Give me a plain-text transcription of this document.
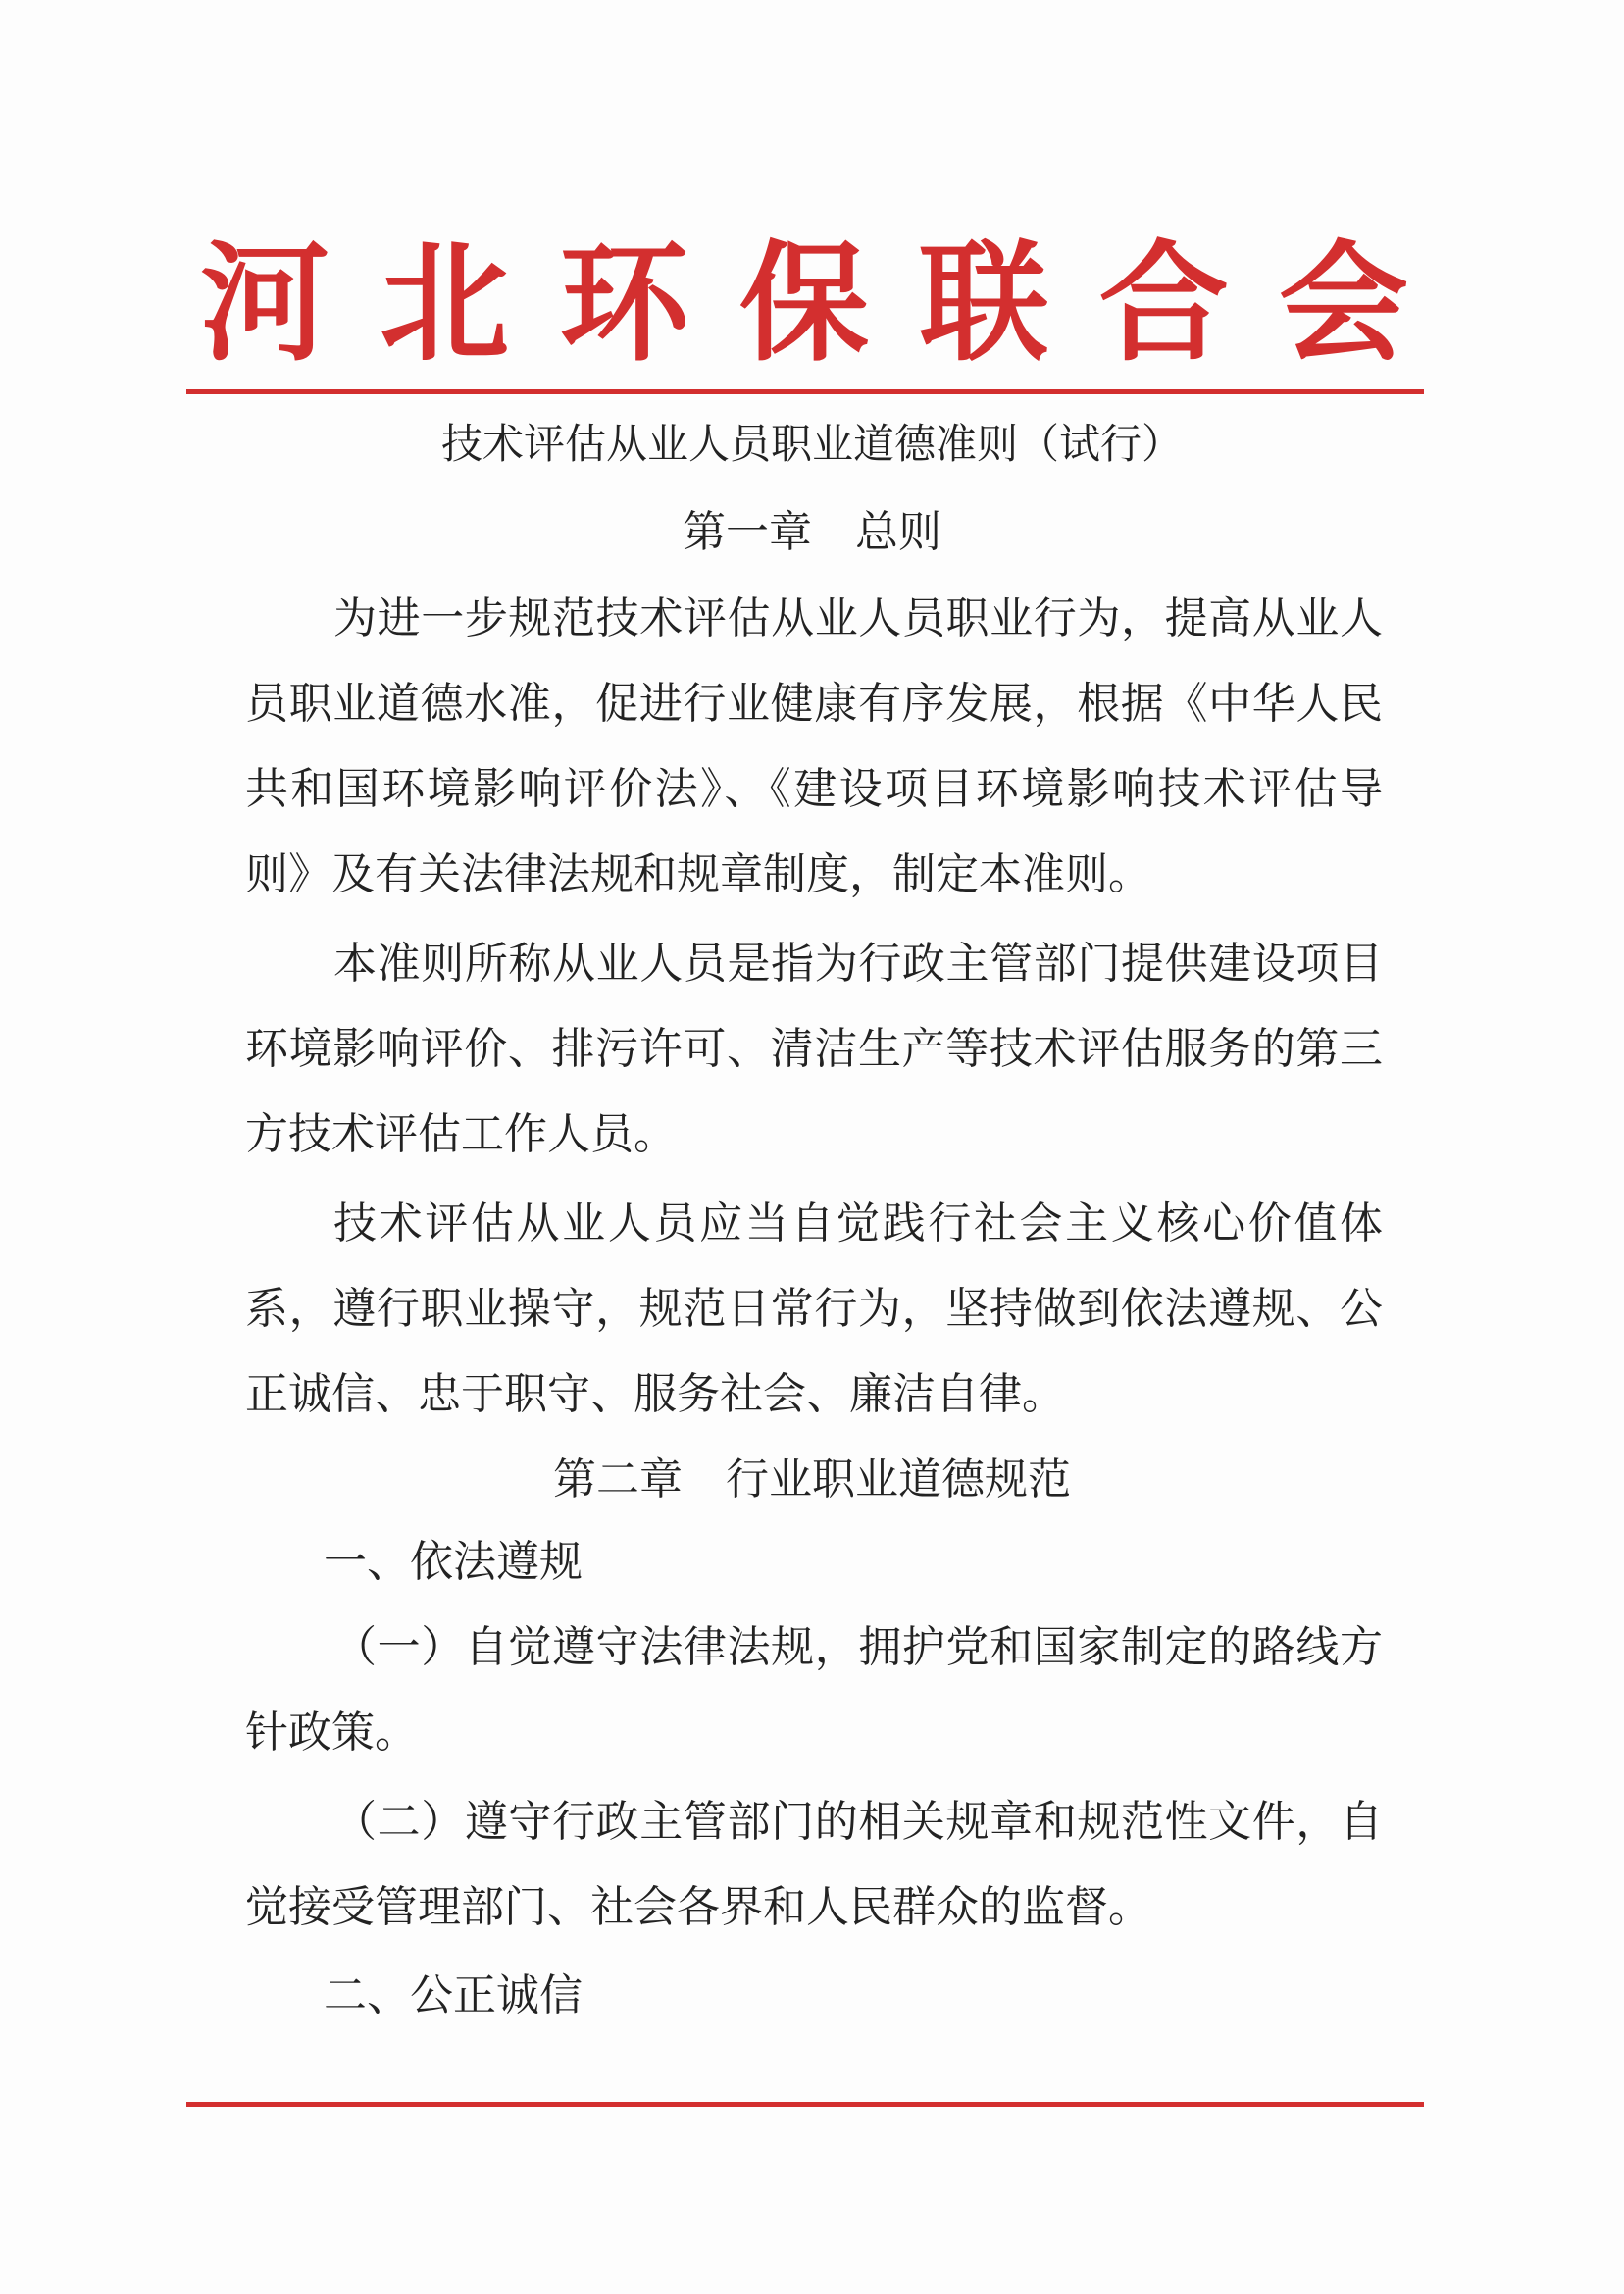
河 北 环 保 联 合 会
技术评估从业人员职业道德准则（试行）
第一章　总则
为进一步规范技术评估从业人员职业行为，提高从业人
员职业道德水准，促进行业健康有序发展，根据《中华人民
共和国环境影响评价法》、《建设项目环境影响技术评估导
则》及有关法律法规和规章制度，制定本准则。
本准则所称从业人员是指为行政主管部门提供建设项目
环境影响评价、排污许可、清洁生产等技术评估服务的第三
方技术评估工作人员。
技术评估从业人员应当自觉践行社会主义核心价值体
系，遵行职业操守，规范日常行为，坚持做到依法遵规、公
正诚信、忠于职守、服务社会、廉洁自律。
第二章　行业职业道德规范
一、依法遵规
（一）自觉遵守法律法规，拥护党和国家制定的路线方
针政策。
（二）遵守行政主管部门的相关规章和规范性文件，自
觉接受管理部门、社会各界和人民群众的监督。
二、公正诚信
